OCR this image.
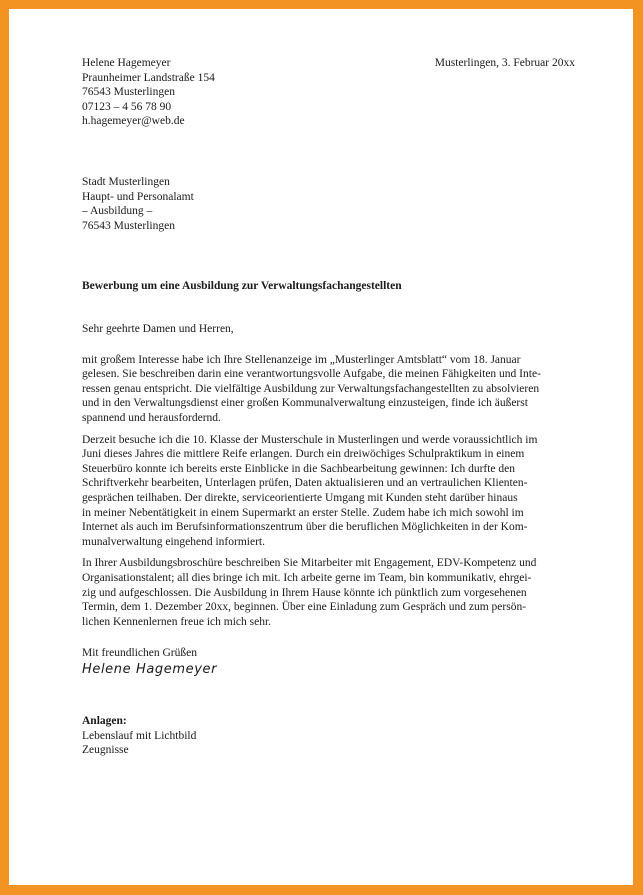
Helene Hagemeyer
Praunheimer Landstraße 154
76543 Musterlingen
07123 – 4 56 78 90
h.hagemeyer@web.de
Musterlingen, 3. Februar 20xx
Stadt Musterlingen
Haupt- und Personalamt
– Ausbildung –
76543 Musterlingen
Bewerbung um eine Ausbildung zur Verwaltungsfachangestellten
Sehr geehrte Damen und Herren,
mit großem Interesse habe ich Ihre Stellenanzeige im „Musterlinger Amtsblatt“ vom 18. Januar
gelesen. Sie beschreiben darin eine verantwortungsvolle Aufgabe, die meinen Fähigkeiten und Inte-
ressen genau entspricht. Die vielfältige Ausbildung zur Verwaltungsfachangestellten zu absolvieren
und in den Verwaltungsdienst einer großen Kommunalverwaltung einzusteigen, finde ich äußerst
spannend und herausfordernd.
Derzeit besuche ich die 10. Klasse der Musterschule in Musterlingen und werde voraussichtlich im
Juni dieses Jahres die mittlere Reife erlangen. Durch ein dreiwöchiges Schulpraktikum in einem
Steuerbüro konnte ich bereits erste Einblicke in die Sachbearbeitung gewinnen: Ich durfte den
Schriftverkehr bearbeiten, Unterlagen prüfen, Daten aktualisieren und an vertraulichen Klienten-
gesprächen teilhaben. Der direkte, serviceorientierte Umgang mit Kunden steht darüber hinaus
in meiner Nebentätigkeit in einem Supermarkt an erster Stelle. Zudem habe ich mich sowohl im
Internet als auch im Berufsinformationszentrum über die beruflichen Möglichkeiten in der Kom-
munalverwaltung eingehend informiert.
In Ihrer Ausbildungsbroschüre beschreiben Sie Mitarbeiter mit Engagement, EDV-Kompetenz und
Organisationstalent; all dies bringe ich mit. Ich arbeite gerne im Team, bin kommunikativ, ehrgei-
zig und aufgeschlossen. Die Ausbildung in Ihrem Hause könnte ich pünktlich zum vorgesehenen
Termin, dem 1. Dezember 20xx, beginnen. Über eine Einladung zum Gespräch und zum persön-
lichen Kennenlernen freue ich mich sehr.
Mit freundlichen Grüßen
Helene Hagemeyer
Anlagen:
Lebenslauf mit Lichtbild
Zeugnisse
